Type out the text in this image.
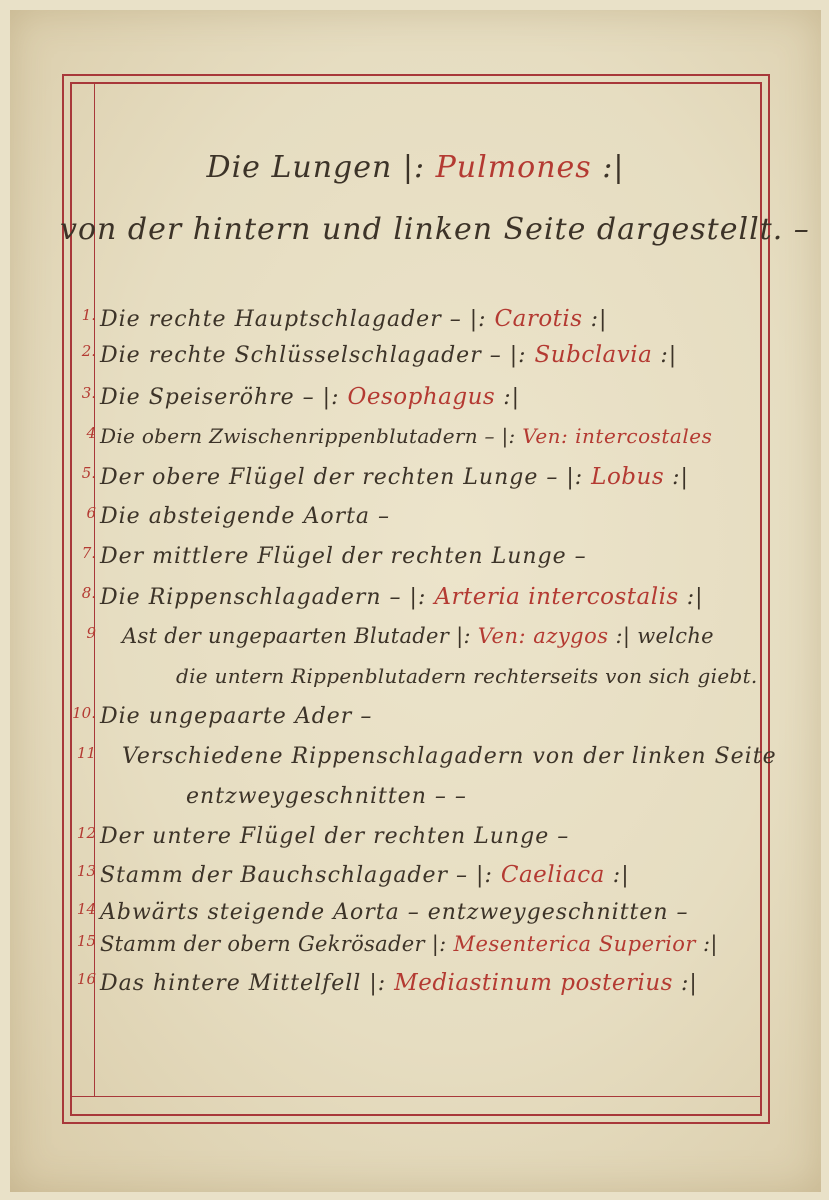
Die Lungen |: Pulmones :|
von der hintern und linken Seite dargestellt. –
1. Die rechte Hauptschlagader – |: Carotis :|
2. Die rechte Schlüsselschlagader – |: Subclavia :|
3. Die Speiseröhre – |: Oesophagus :|
4 Die obern Zwischenrippenblutadern – |: Ven: intercostales
5. Der obere Flügel der rechten Lunge – |: Lobus :|
6 Die absteigende Aorta –
7. Der mittlere Flügel der rechten Lunge –
8. Die Rippenschlagadern – |: Arteria intercostalis :|
9 Ast der ungepaarten Blutader |: Ven: azygos :| welche
die untern Rippenblutadern rechterseits von sich giebt.
10. Die ungepaarte Ader –
11 Verschiedene Rippenschlagadern von der linken Seite
entzweygeschnitten – –
12 Der untere Flügel der rechten Lunge –
13 Stamm der Bauchschlagader – |: Caeliaca :|
14 Abwärts steigende Aorta – entzweygeschnitten –
15 Stamm der obern Gekrösader |: Mesenterica Superior :|
16 Das hintere Mittelfell |: Mediastinum posterius :|
